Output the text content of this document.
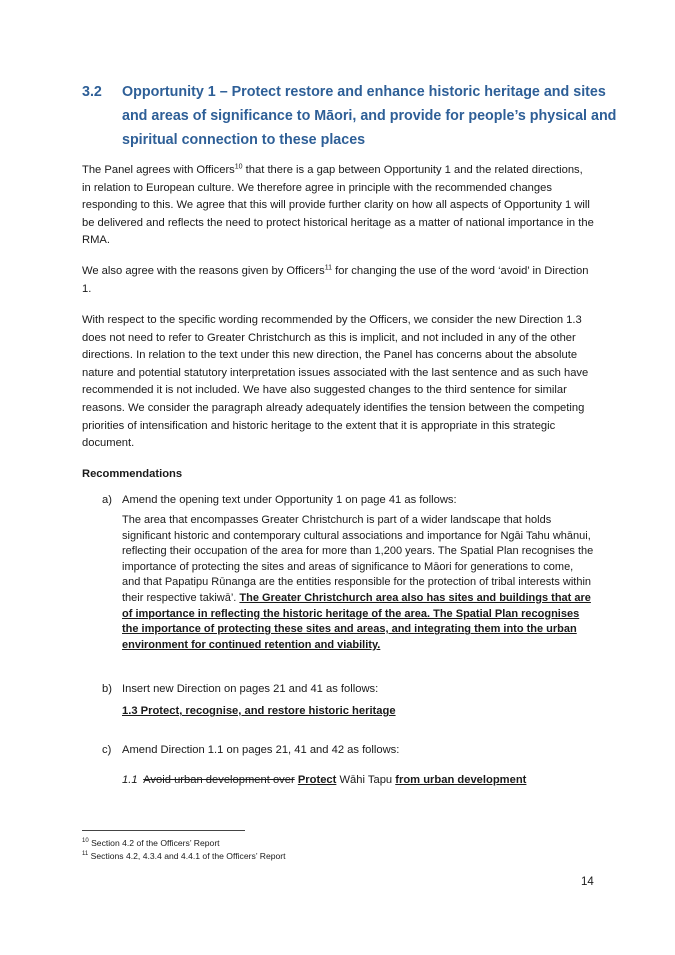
3.2 Opportunity 1 – Protect restore and enhance historic heritage and sites and areas of significance to Māori, and provide for people’s physical and spiritual connection to these places
The Panel agrees with Officers$^{10}$ that there is a gap between Opportunity 1 and the related directions, in relation to European culture. We therefore agree in principle with the recommended changes responding to this. We agree that this will provide further clarity on how all aspects of Opportunity 1 will be delivered and reflects the need to protect historical heritage as a matter of national importance in the RMA.
We also agree with the reasons given by Officers$^{11}$ for changing the use of the word ‘avoid’ in Direction 1.
With respect to the specific wording recommended by the Officers, we consider the new Direction 1.3 does not need to refer to Greater Christchurch as this is implicit, and not included in any of the other directions. In relation to the text under this new direction, the Panel has concerns about the absolute nature and potential statutory interpretation issues associated with the last sentence and as such have recommended it is not included. We have also suggested changes to the third sentence for similar reasons. We consider the paragraph already adequately identifies the tension between the competing priorities of intensification and historic heritage to the extent that it is appropriate in this strategic document.
Recommendations
a) Amend the opening text under Opportunity 1 on page 41 as follows:
The area that encompasses Greater Christchurch is part of a wider landscape that holds significant historic and contemporary cultural associations and importance for Ngāi Tahu whānui, reflecting their occupation of the area for more than 1,200 years. The Spatial Plan recognises the importance of protecting the sites and areas of significance to Māori for generations to come, and that Papatipu Rūnanga are the entities responsible for the protection of tribal interests within their respective takiwā’. The Greater Christchurch area also has sites and buildings that are of importance in reflecting the historic heritage of the area. The Spatial Plan recognises the importance of protecting these sites and areas, and integrating them into the urban environment for continued retention and viability.
b) Insert new Direction on pages 21 and 41 as follows:
1.3 Protect, recognise, and restore historic heritage
c) Amend Direction 1.1 on pages 21, 41 and 42 as follows:
1.1 Avoid urban development over Protect Wāhi Tapu from urban development
$^{10}$ Section 4.2 of the Officers’ Report
$^{11}$ Sections 4.2, 4.3.4 and 4.4.1 of the Officers’ Report
14
